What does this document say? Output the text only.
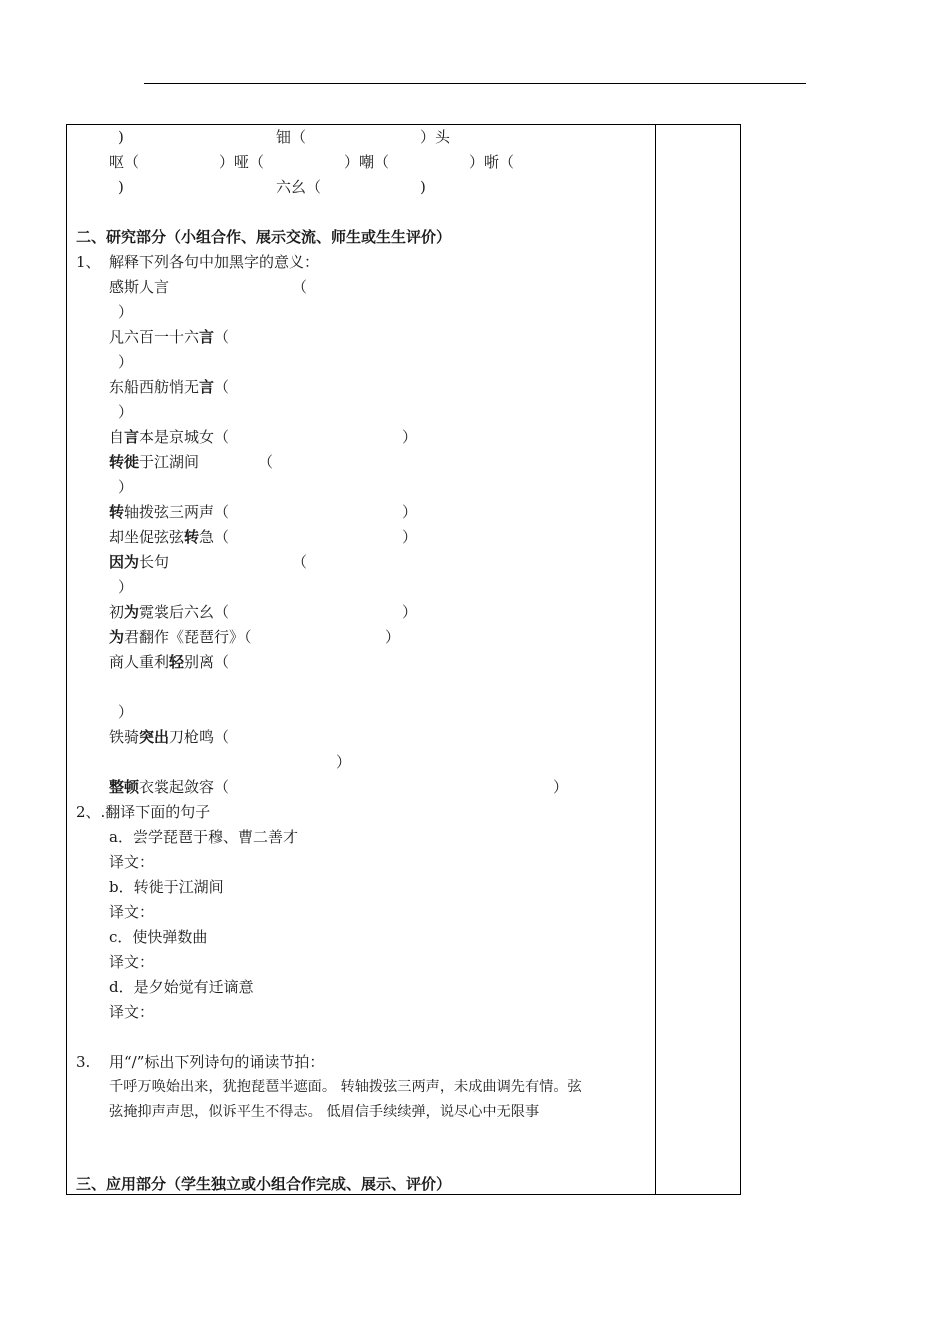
)	钿（	）头
呕（	）哑（	）嘲（	）哳（
)	六幺（	)
二、研究部分（小组合作、展示交流、师生或生生评价）
1、 解释下列各句中加黑字的意义：
感斯人言	（
）
凡六百一十六言（
）
东船西舫悄无言（
）
自言本是京城女（	）
转徙于江湖间	（
）
转轴拨弦三两声（	）
却坐促弦弦转急（	）
因为长句	（
）
初为霓裳后六幺（	）
为君翻作《琵琶行》（	）
商人重利轻别离（
）
铁骑突出刀枪鸣（
）
整顿衣裳起敛容（	）
2、.翻译下面的句子
a．尝学琵琶于穆、曹二善才
译文：
b．转徙于江湖间
译文：
c．使快弹数曲
译文：
d．是夕始觉有迁谪意
译文：
3. 用“/”标出下列诗句的诵读节拍：
千呼万唤始出来，犹抱琵琶半遮面。 转轴拨弦三两声，未成曲调先有情。弦
弦掩抑声声思，似诉平生不得志。 低眉信手续续弹，说尽心中无限事
三、应用部分（学生独立或小组合作完成、展示、评价）
